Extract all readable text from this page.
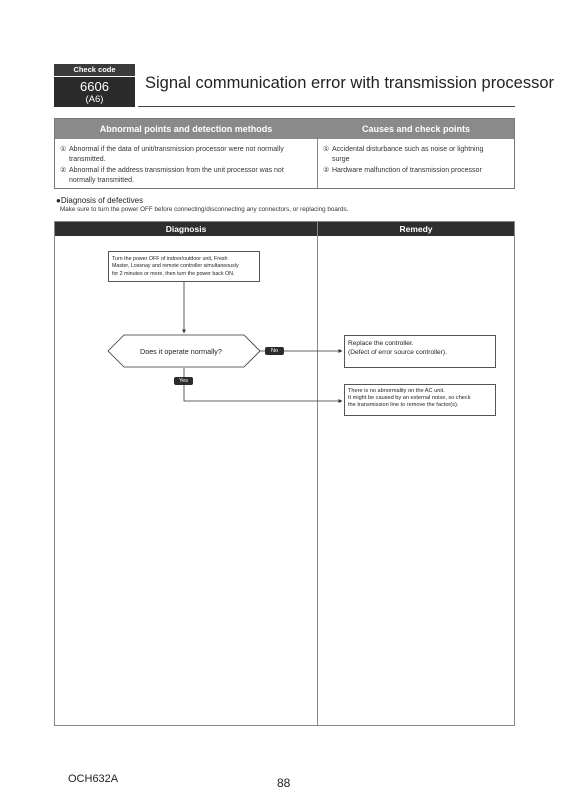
Check code
6606
(A6)
Signal communication error with transmission processor
Abnormal points and detection methods	Causes and check points
① Abnormal if the data of unit/transmission processor were not normally
transmitted.
② Abnormal if the address transmission from the unit processor was not
normally transmitted.
① Accidental disturbance such as noise or lightning
surge
② Hardware malfunction of transmission processor
●Diagnosis of defectives
Make sure to turn the power OFF before connecting/disconnecting any connectors, or replacing boards.
Diagnosis	Remedy
Turn the power OFF of indoor/outdoor unit, Fresh
Master, Lossnay and remote controller simultaneously
for 2 minutes or more, then turn the power back ON.
Does it operate normally?	No
Yes
Replace the controller.
(Defect of error source controller).
There is no abnormality on the AC unit.
It might be caused by an external noise, so check
the transmission line to remove the factor(s).
OCH632A	88
